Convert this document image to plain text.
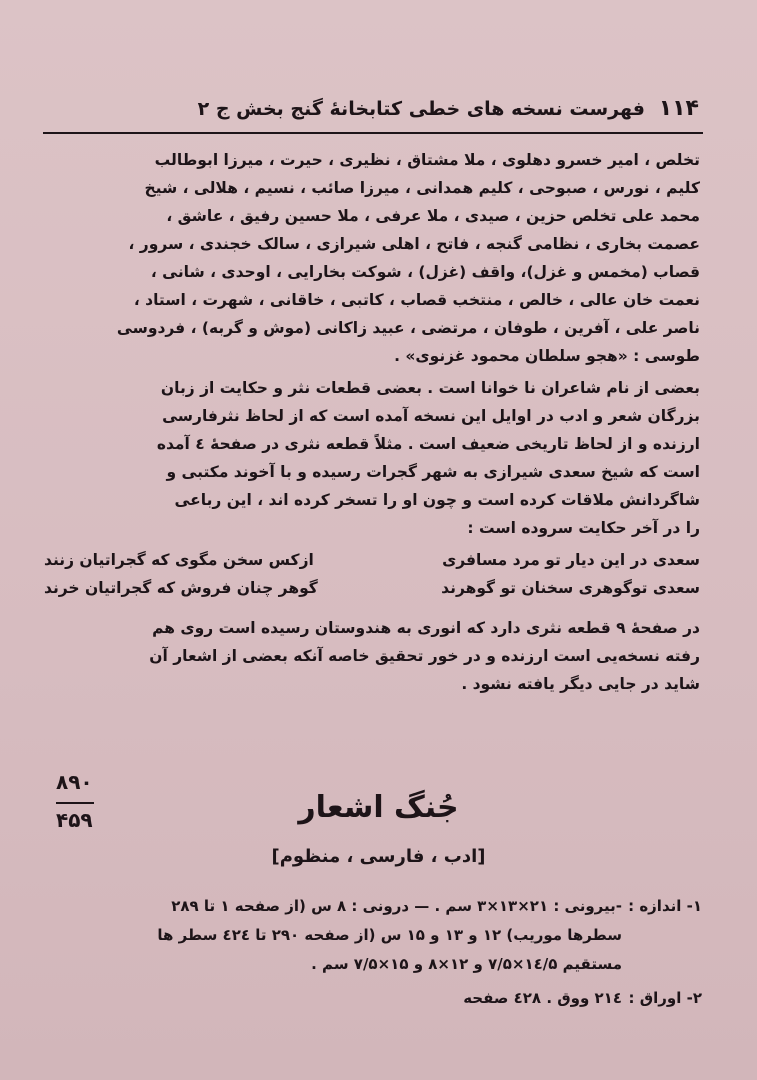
فهرست نسخه های خطی کتابخانهٔ گنج بخش ج ۲ ۱۱۴
تخلص ، امیر خسرو دهلوی ، ملا مشتاق ، نظیری ، حیرت ، میرزا ابوطالب
کلیم ، نورس ، صبوحی ، کلیم همدانی ، میرزا صائب ، نسیم ، هلالی ، شیخ
محمد علی تخلص حزین ، صیدی ، ملا عرفی ، ملا حسین رفیق ، عاشق ،
عصمت بخاری ، نظامی گنجه ، فاتح ، اهلی شیرازی ، سالک خجندی ، سرور ،
قصاب (مخمس و غزل)، واقف (غزل) ، شوکت بخارایی ، اوحدی ، شانی ،
نعمت خان عالی ، خالص ، منتخب قصاب ، کاتبی ، خاقانی ، شهرت ، استاد ،
ناصر علی ، آفرین ، طوفان ، مرتضی ، عبید زاکانی (موش و گربه) ، فردوسی
طوسی : «هجو سلطان محمود غزنوی» .
بعضی از نام شاعران نا خوانا است . بعضی قطعات نثر و حکایت از زبان
بزرگان شعر و ادب در اوایل این نسخه آمده است که از لحاظ نثرفارسی
ارزنده و از لحاظ تاریخی ضعیف است . مثلاً قطعه نثری در صفحهٔ ٤ آمده
است که شیخ سعدی شیرازی به شهر گجرات رسیده و با آخوند مکتبی و
شاگردانش ملاقات کرده است و چون او را تسخر کرده اند ، این رباعی
را در آخر حکایت سروده است :
سعدی در این دیار تو مرد مسافری
ازکس سخن مگوی که گجراتیان زنند
سعدی توگوهری سخنان تو گوهرند
گوهر چنان فروش که گجراتیان خرند
در صفحهٔ ۹ قطعه نثری دارد که انوری به هندوستان رسیده است روی هم
رفته نسخه‌یی است ارزنده و در خور تحقیق خاصه آنکه بعضی از اشعار آن
شاید در جایی دیگر یافته نشود .
۸۹۰
۴۵۹	جُنگ اشعار
[ادب ، فارسی ، منظوم]
۱- اندازه :-بیرونی : ۲۱×۱۳×۳ سم . — درونی : ۸ س (از صفحه ۱ تا ۲۸۹
سطرها موریب) ۱۲ و ۱۳ و ۱۵ س (از صفحه ۲۹۰ تا ٤٢٤ سطر ها
مستقیم ۱٤/۵×۷/۵ و ۱۲×۸ و ۱۵×۷/۵ سم .
۲- اوراق :۲۱٤ ووق . ٤۲۸ صفحه
